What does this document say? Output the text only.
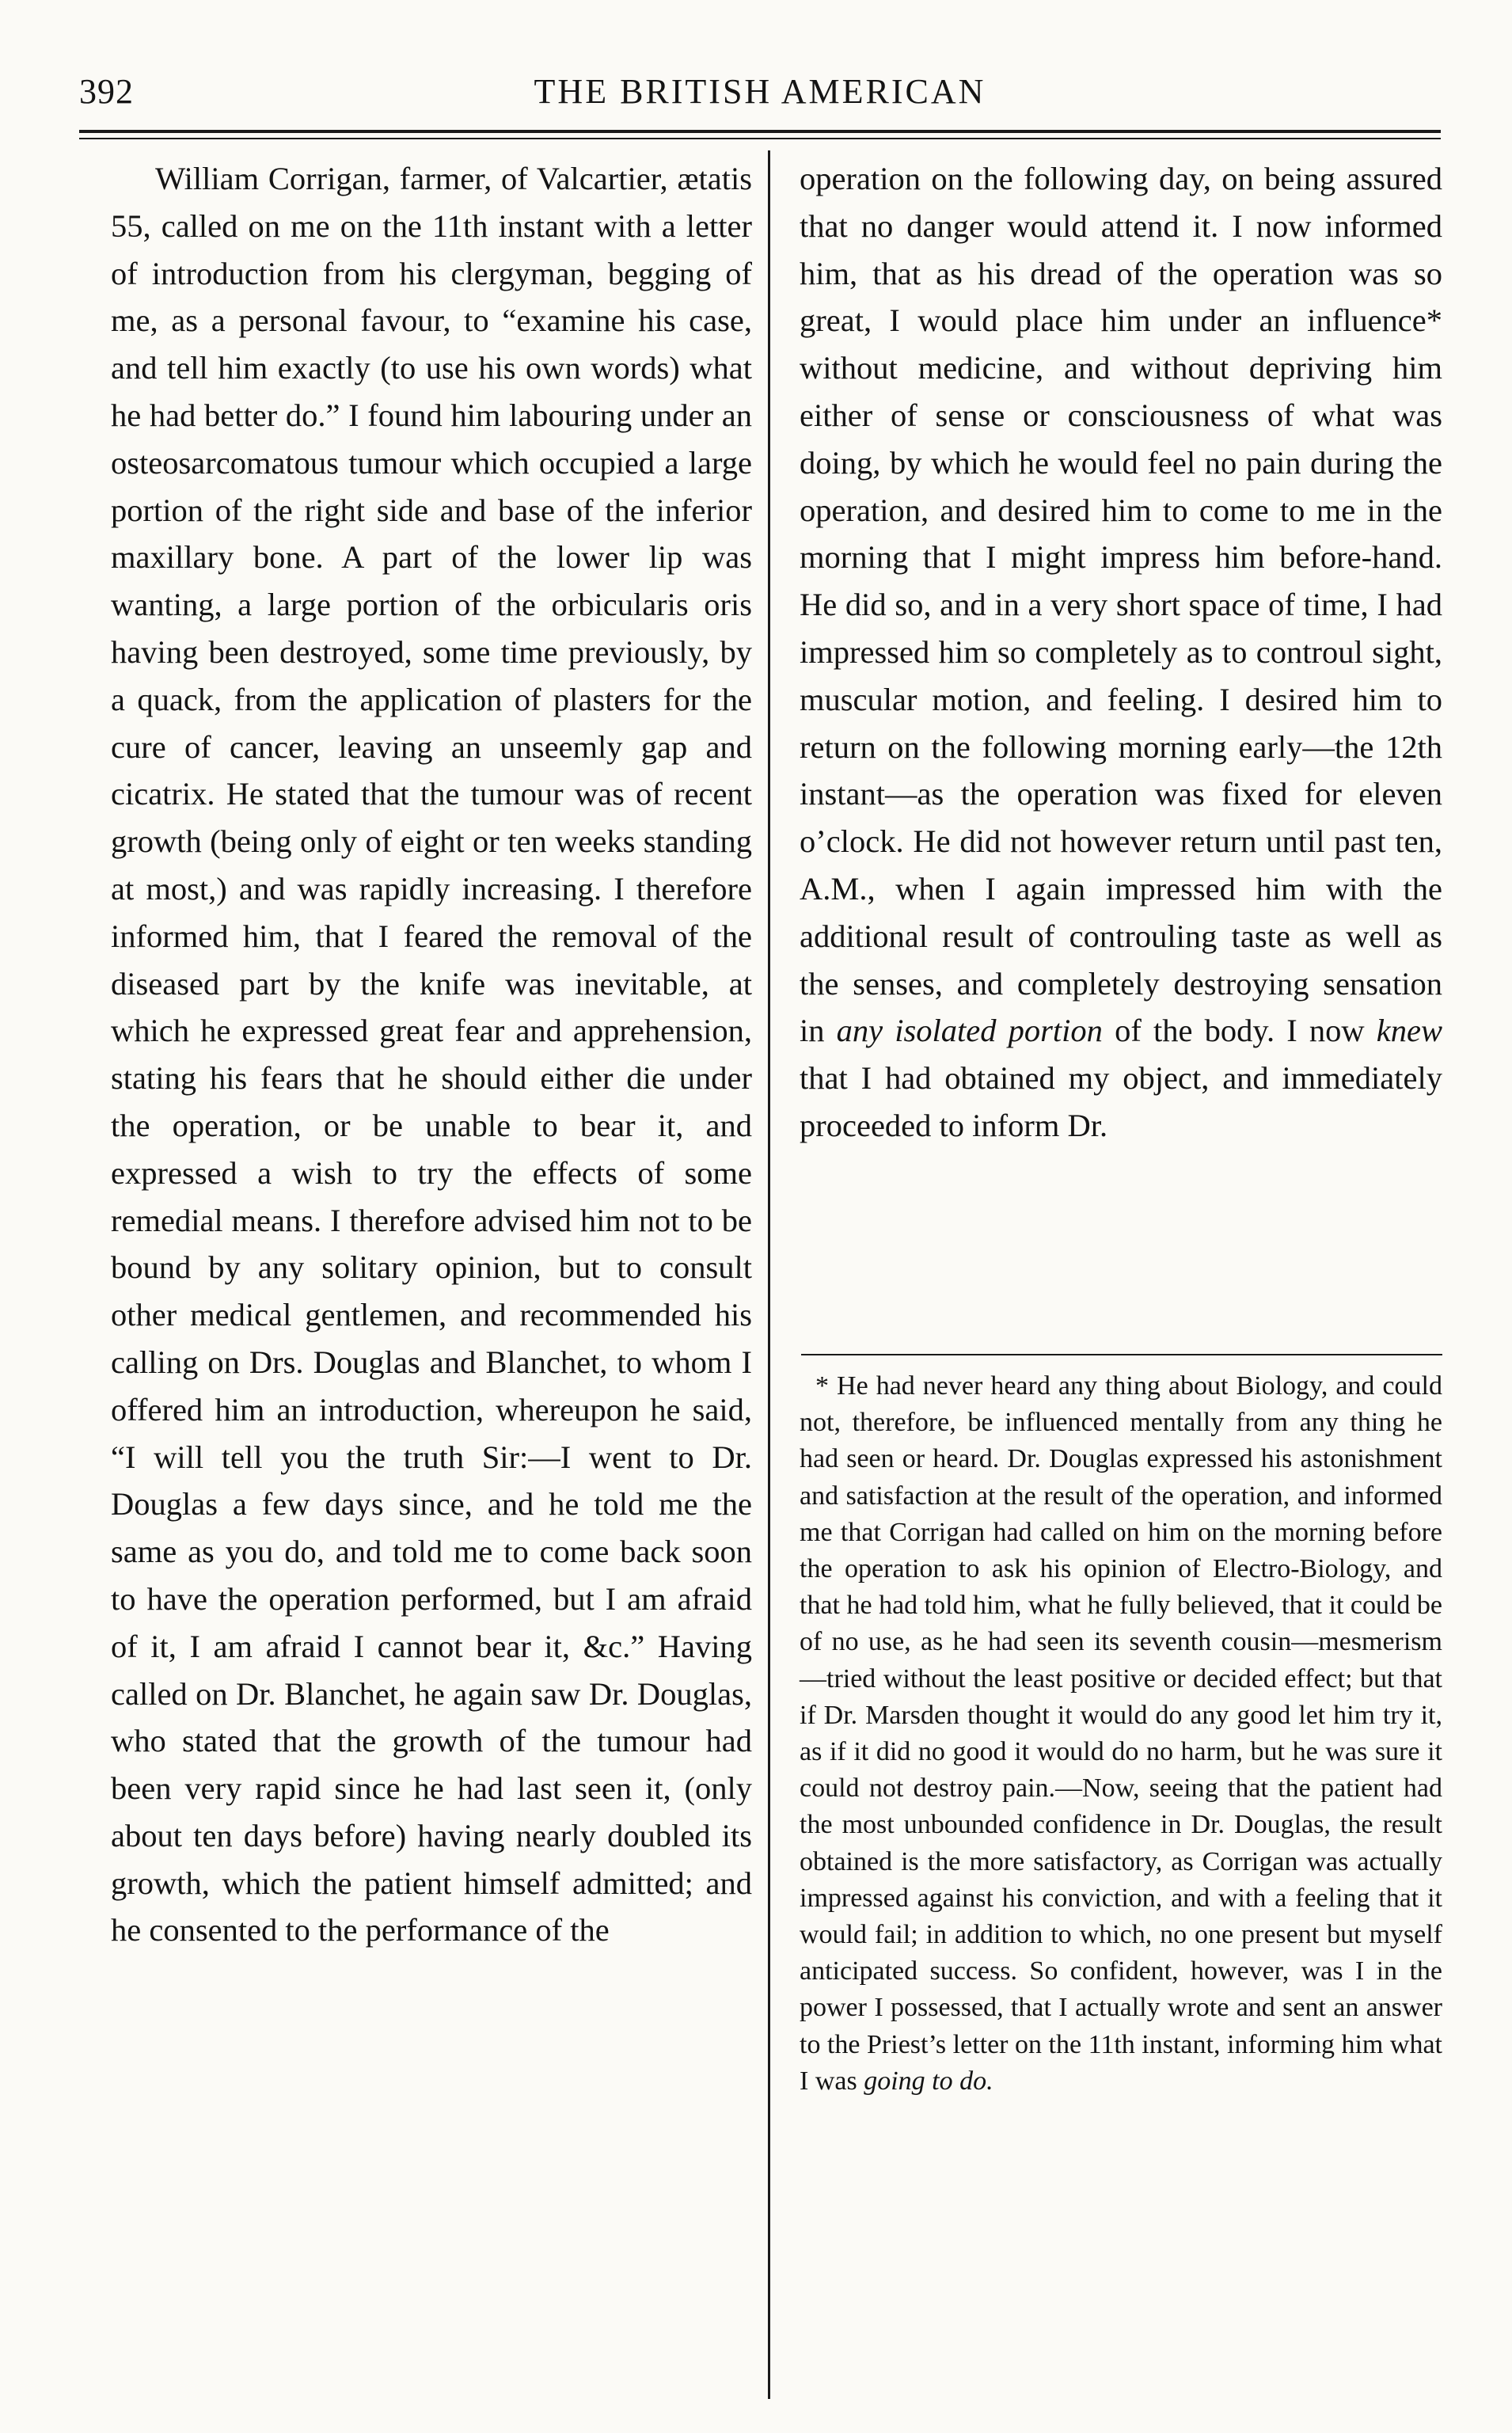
392	THE BRITISH AMERICAN

William Corrigan, farmer, of Valcartier, ætatis 55, called on me on the 11th instant with a letter of introduction from his clergyman, begging of me, as a personal favour, to “examine his case, and tell him exactly (to use his own words) what he had better do.” I found him labouring under an osteosarcomatous tumour which occupied a large portion of the right side and base of the inferior maxillary bone. A part of the lower lip was wanting, a large portion of the orbicularis oris having been destroyed, some time previously, by a quack, from the application of plasters for the cure of cancer, leaving an unseemly gap and cicatrix. He stated that the tumour was of recent growth (being only of eight or ten weeks standing at most,) and was rapidly increasing. I therefore informed him, that I feared the removal of the diseased part by the knife was inevitable, at which he expressed great fear and apprehension, stating his fears that he should either die under the operation, or be unable to bear it, and expressed a wish to try the effects of some remedial means. I therefore advised him not to be bound by any solitary opinion, but to consult other medical gentlemen, and recommended his calling on Drs. Douglas and Blanchet, to whom I offered him an introduction, whereupon he said, “I will tell you the truth Sir:—I went to Dr. Douglas a few days since, and he told me the same as you do, and told me to come back soon to have the operation performed, but I am afraid of it, I am afraid I cannot bear it, &c.” Having called on Dr. Blanchet, he again saw Dr. Douglas, who stated that the growth of the tumour had been very rapid since he had last seen it, (only about ten days before) having nearly doubled its growth, which the patient himself admitted; and he consented to the performance of the

operation on the following day, on being assured that no danger would attend it. I now informed him, that as his dread of the operation was so great, I would place him under an influence* without medicine, and without depriving him either of sense or consciousness of what was doing, by which he would feel no pain during the operation, and desired him to come to me in the morning that I might impress him before-hand. He did so, and in a very short space of time, I had impressed him so completely as to controul sight, muscular motion, and feeling. I desired him to return on the following morning early—the 12th instant—as the operation was fixed for eleven o’clock. He did not however return until past ten, A.M., when I again impressed him with the additional result of controuling taste as well as the senses, and completely destroying sensation in any isolated portion of the body. I now knew that I had obtained my object, and immediately proceeded to inform Dr.

* He had never heard any thing about Biology, and could not, therefore, be influenced mentally from any thing he had seen or heard. Dr. Douglas expressed his astonishment and satisfaction at the result of the operation, and informed me that Corrigan had called on him on the morning before the operation to ask his opinion of Electro-Biology, and that he had told him, what he fully believed, that it could be of no use, as he had seen its seventh cousin—mesmerism—tried without the least positive or decided effect; but that if Dr. Marsden thought it would do any good let him try it, as if it did no good it would do no harm, but he was sure it could not destroy pain.—Now, seeing that the patient had the most unbounded confidence in Dr. Douglas, the result obtained is the more satisfactory, as Corrigan was actually impressed against his conviction, and with a feeling that it would fail; in addition to which, no one present but myself anticipated success. So confident, however, was I in the power I possessed, that I actually wrote and sent an answer to the Priest’s letter on the 11th instant, informing him what I was going to do.
